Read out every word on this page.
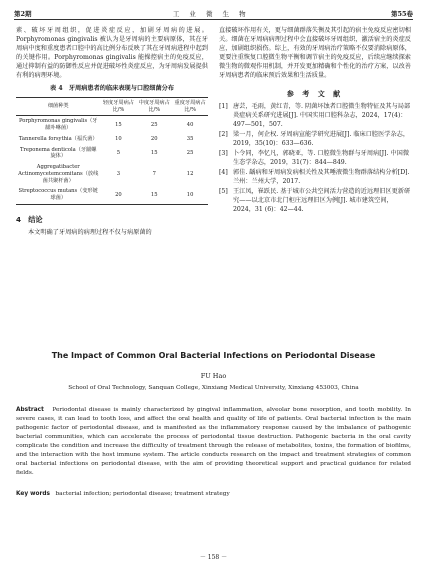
第2期	工 业 微 生 物	第55卷

素、破坏牙周组织，促进炎症反应，加剧牙周病的进展。Porphyromonas gingivalis 被认为是牙周病的主要病原体，其在牙周病中度和重度患者口腔中的高比例分布反映了其在牙周病进程中起到的关键作用。Porphyromonas gingivalis 能操控宿主的免疫反应，通过抑制有益的防御性反应并促进破坏性炎症反应，为牙周病发展提供有利的病理环境。

表 4　牙周病患者的临床表现与口腔细菌分布
细菌种类	轻度牙周病占比/%	中度牙周病占比/%	重度牙周病占比/%
Porphyromonas gingivalis（牙龈卟啉菌）	15	25	40
Tannerella forsythia（福氏菌）	10	20	35
Treponema denticola（牙龈螺旋体）	5	15	25
Aggregatibacter Actinomycetemcomitans（放线菌共聚杆菌）	3	7	12
Streptococcus mutans（变形链球菌）	20	15	10
4　结论

本文明确了牙周病的病理过程不仅与病原菌的

直接破坏作用有关，更与细菌群落失衡及其引起的宿主免疫反应密切相关。细菌在牙周病病理过程中会直接破坏牙周组织，激活宿主的炎症反应，加剧组织损伤。综上，有效的牙周病治疗策略不仅要消除病原体，更要注重恢复口腔微生物平衡和调节宿主的免疫反应，后续应继续探索微生物的微观作用机制，并开发更加精确和个性化的治疗方案，以改善牙周病患者的临床预后效果和生活质量。

参 考 文 献
[1] 唐芸，毛雨，黄红青，等. 阴菌坏蚀者口腔微生物特征及其与局部炎症病关系研究进展[J]. 中国实用口腔科杂志，2024，17(4)：497—501，507.
[2] 梁一月，何企权. 牙周病宣能学研究进展[J]. 临床口腔医学杂志，2019，35(10)：633—636.
[3] 卜令同，李忆凡，郭晓亚，等. 口腔微生物群与牙周病[J]. 中国微生态学杂志，2019，31(7)：844—849.
[4] 郭佳. 龋病和牙周病发病相关性及其唾液微生物群落结构分析[D]. 兰州：兰州大学，2017.
[5] 王江凤，崔跃民. 基于城市公共空间活力营造的近远理旧区更新研究——以北京市北门柜庄远理旧区为例[J]. 城市建筑空间，2024，31 (6)：42—44.
The Impact of Common Oral Bacterial Infections on Periodontal Disease
FU Hao
School of Oral Technology, Sanquan College, Xinxiang Medical University, Xinxiang 453003, China
Abstract Periodontal disease is mainly characterized by gingival inflammation, alveolar bone resorption, and tooth mobility. In severe cases, it can lead to tooth loss, and affect the oral health and quality of life of patients. Oral bacterial infection is the main pathogenic factor of periodontal disease, and is manifested as the inflammatory response caused by the imbalance of pathogenic bacterial communities, which can accelerate the process of periodontal tissue destruction. Pathogenic bacteria in the oral cavity complicate the condition and increase the difficulty of treatment through the release of metabolites, toxins, the formation of biofilms, and the interaction with the host immune system. The article conducts research on the impact and treatment strategies of common oral bacterial infections on periodontal disease, with the aim of providing theoretical support and practical guidance for related fields.
Key words bacterial infection; periodontal disease; treatment strategy
－ 158 －
